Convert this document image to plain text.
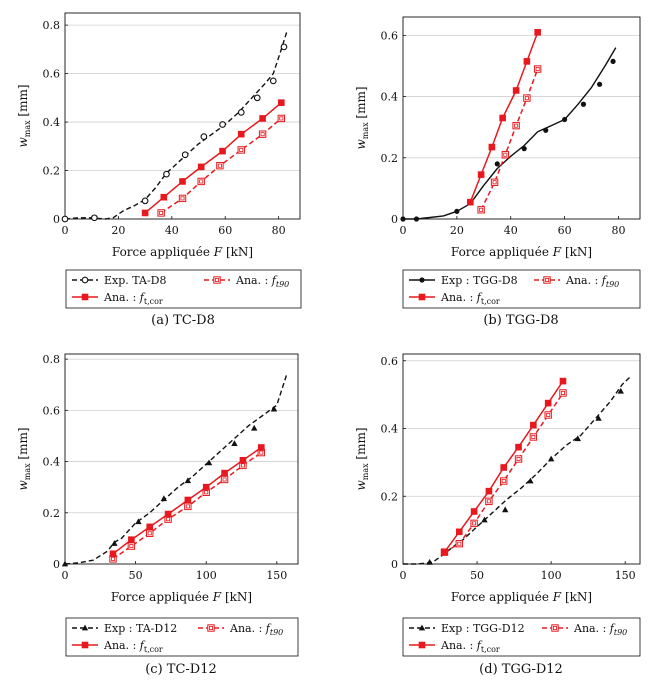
0	20	40	60	80
0
0.2
0.4
0.6
0.8
Force appliquée F [kN]
$w_{max}$ [mm]
Exp. TA-D8	Ana. : $f_{t90}$
Ana. : $f_{t,cor}$
(a) TC-D8
0	20	40	60	80
0
0.2
0.4
0.6
Force appliquée F [kN]
$w_{max}$ [mm]
Exp : TGG-D8	Ana. : $f_{t90}$
Ana. : $f_{t,cor}$
(b) TGG-D8
0	50	100	150
0
0.2
0.4
0.6
0.8
Force appliquée F [kN]
$w_{max}$ [mm]
Exp : TA-D12	Ana. : $f_{t90}$
Ana. : $f_{t,cor}$
(c) TC-D12
0	50	100	150
0
0.2
0.4
0.6
Force appliquée F [kN]
$w_{max}$ [mm]
Exp : TGG-D12	Ana. : $f_{t90}$
Ana. : $f_{t,cor}$
(d) TGG-D12
